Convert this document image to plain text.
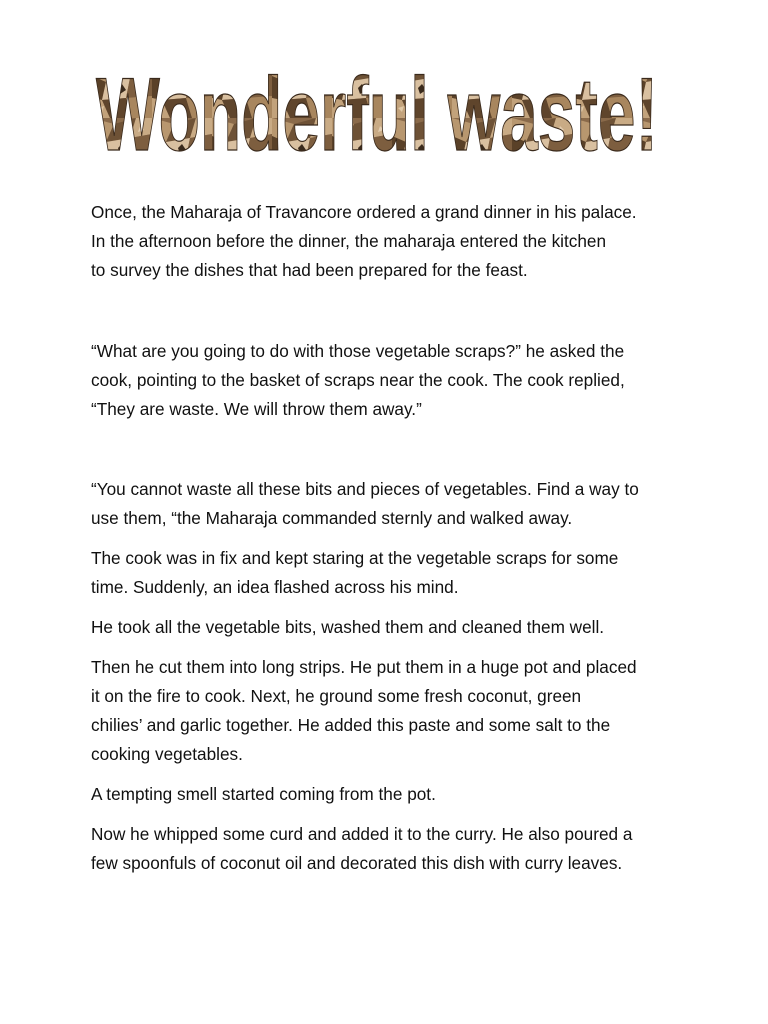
Wonderful waste!

Once, the Maharaja of Travancore ordered a grand dinner in his palace.
In the afternoon before the dinner, the maharaja entered the kitchen
to survey the dishes that had been prepared for the feast.

“What are you going to do with those vegetable scraps?” he asked the
cook, pointing to the basket of scraps near the cook. The cook replied,
“They are waste. We will throw them away.”

“You cannot waste all these bits and pieces of vegetables. Find a way to
use them, “the Maharaja commanded sternly and walked away.

The cook was in fix and kept staring at the vegetable scraps for some
time. Suddenly, an idea flashed across his mind.

He took all the vegetable bits, washed them and cleaned them well.

Then he cut them into long strips. He put them in a huge pot and placed
it on the fire to cook. Next, he ground some fresh coconut, green
chilies’ and garlic together. He added this paste and some salt to the
cooking vegetables.

A tempting smell started coming from the pot.

Now he whipped some curd and added it to the curry. He also poured a
few spoonfuls of coconut oil and decorated this dish with curry leaves.
